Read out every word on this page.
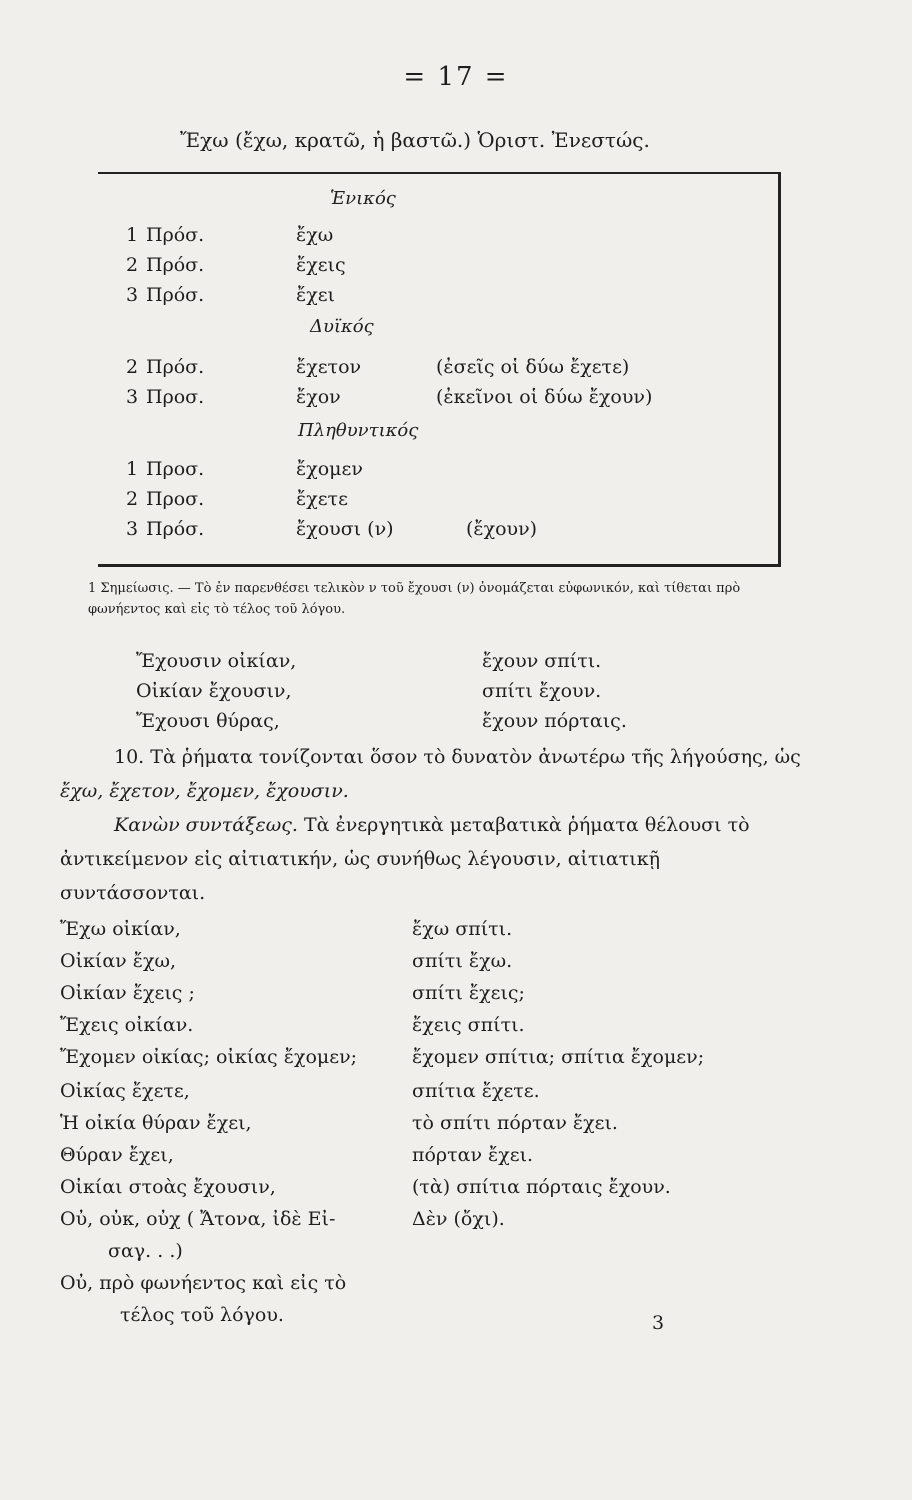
= 17 =
Ἔχω (ἔχω, κρατῶ, ἡ βαστῶ.) Ὁριστ. Ἐνεστώς.
Ἑνικός
1 Πρόσ.	ἔχω
2 Πρόσ.	ἔχεις
3 Πρόσ.	ἔχει
Δυϊκός
2 Πρόσ.	ἔχετον	(ἐσεῖς οἱ δύω ἔχετε)
3 Προσ.	ἔχον	(ἐκεῖνοι οἱ δύω ἔχουν)
Πληθυντικός
1 Προσ.	ἔχομεν
2 Προσ.	ἔχετε
3 Πρόσ.	ἔχουσι (ν)	(ἔχουν)
1 Σημείωσις. — Τὸ ἐν παρενθέσει τελικὸν ν τοῦ ἔχουσι (ν) ὀνομάζεται εὐφωνικόν, καὶ τίθεται πρὸ φωνήεντος καὶ εἰς τὸ τέλος τοῦ λόγου.
Ἔχουσιν οἰκίαν,	ἔχουν σπίτι.
Οἰκίαν ἔχουσιν,	σπίτι ἔχουν.
Ἔχουσι θύρας,	ἔχουν πόρταις.
10. Τὰ ῥήματα τονίζονται ὅσον τὸ δυνατὸν ἀνωτέρω τῆς λήγούσης, ὡς ἔχω, ἔχετον, ἔχομεν, ἔχουσιν.
Κανὼν συντάξεως. Τὰ ἐνεργητικὰ μεταβατικὰ ῥήματα θέλουσι τὸ ἀντικείμενον εἰς αἰτιατικήν, ὡς συνήθως λέγουσιν, αἰτιατικῇ συντάσσονται.
Ἔχω οἰκίαν,	ἔχω σπίτι.
Οἰκίαν ἔχω,	σπίτι ἔχω.
Οἰκίαν ἔχεις ;	σπίτι ἔχεις;
Ἔχεις οἰκίαν.	ἔχεις σπίτι.
Ἔχομεν οἰκίας; οἰκίας ἔχομεν;	ἔχομεν σπίτια; σπίτια ἔχομεν;
Οἰκίας ἔχετε,	σπίτια ἔχετε.
Ἡ οἰκία θύραν ἔχει,	τὸ σπίτι πόρταν ἔχει.
Θύραν ἔχει,	πόρταν ἔχει.
Οἰκίαι στοὰς ἔχουσιν,	(τὰ) σπίτια πόρταις ἔχουν.
Οὐ, οὐκ, οὐχ ( Ἄτονα, ἰδὲ Εἰ-	Δὲν (ὄχι).
σαγ. . .)
Οὐ, πρὸ φωνήεντος καὶ εἰς τὸ
τέλος τοῦ λόγου.	3
